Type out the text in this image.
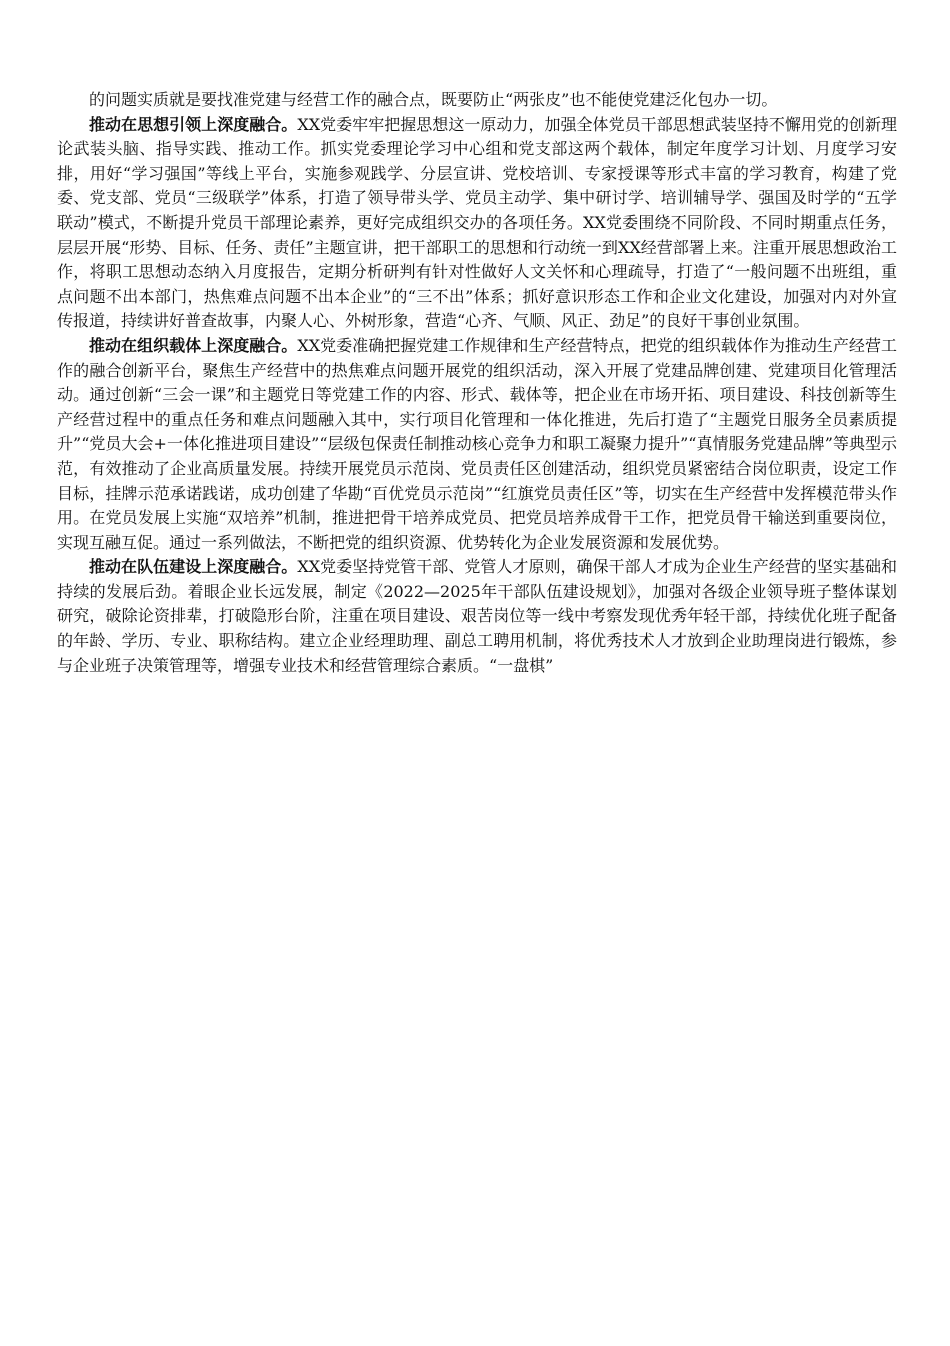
的问题实质就是要找准党建与经营工作的融合点，既要防止“两张皮”也不能使党建泛化包办一切。

推动在思想引领上深度融合。XX党委牢牢把握思想这一原动力，加强全体党员干部思想武装坚持不懈用党的创新理论武装头脑、指导实践、推动工作。抓实党委理论学习中心组和党支部这两个载体，制定年度学习计划、月度学习安排，用好“学习强国”等线上平台，实施参观践学、分层宣讲、党校培训、专家授课等形式丰富的学习教育，构建了党委、党支部、党员“三级联学”体系，打造了领导带头学、党员主动学、集中研讨学、培训辅导学、强国及时学的“五学联动”模式，不断提升党员干部理论素养，更好完成组织交办的各项任务。XX党委围绕不同阶段、不同时期重点任务，层层开展“形势、目标、任务、责任”主题宣讲，把干部职工的思想和行动统一到XX经营部署上来。注重开展思想政治工作，将职工思想动态纳入月度报告，定期分析研判有针对性做好人文关怀和心理疏导，打造了“一般问题不出班组，重点问题不出本部门，热焦难点问题不出本企业”的“三不出”体系；抓好意识形态工作和企业文化建设，加强对内对外宣传报道，持续讲好普查故事，内聚人心、外树形象，营造“心齐、气顺、风正、劲足”的良好干事创业氛围。

推动在组织载体上深度融合。XX党委准确把握党建工作规律和生产经营特点，把党的组织载体作为推动生产经营工作的融合创新平台，聚焦生产经营中的热焦难点问题开展党的组织活动，深入开展了党建品牌创建、党建项目化管理活动。通过创新“三会一课”和主题党日等党建工作的内容、形式、载体等，把企业在市场开拓、项目建设、科技创新等生产经营过程中的重点任务和难点问题融入其中，实行项目化管理和一体化推进，先后打造了“主题党日服务全员素质提升”“党员大会+一体化推进项目建设”“层级包保责任制推动核心竞争力和职工凝聚力提升”“真情服务党建品牌”等典型示范，有效推动了企业高质量发展。持续开展党员示范岗、党员责任区创建活动，组织党员紧密结合岗位职责，设定工作目标，挂牌示范承诺践诺，成功创建了华勘“百优党员示范岗”“红旗党员责任区”等，切实在生产经营中发挥模范带头作用。在党员发展上实施“双培养”机制，推进把骨干培养成党员、把党员培养成骨干工作，把党员骨干输送到重要岗位，实现互融互促。通过一系列做法，不断把党的组织资源、优势转化为企业发展资源和发展优势。

推动在队伍建设上深度融合。XX党委坚持党管干部、党管人才原则，确保干部人才成为企业生产经营的坚实基础和持续的发展后劲。着眼企业长远发展，制定《2022—2025年干部队伍建设规划》，加强对各级企业领导班子整体谋划研究，破除论资排辈，打破隐形台阶，注重在项目建设、艰苦岗位等一线中考察发现优秀年轻干部，持续优化班子配备的年龄、学历、专业、职称结构。建立企业经理助理、副总工聘用机制，将优秀技术人才放到企业助理岗进行锻炼，参与企业班子决策管理等，增强专业技术和经营管理综合素质。“一盘棋”
